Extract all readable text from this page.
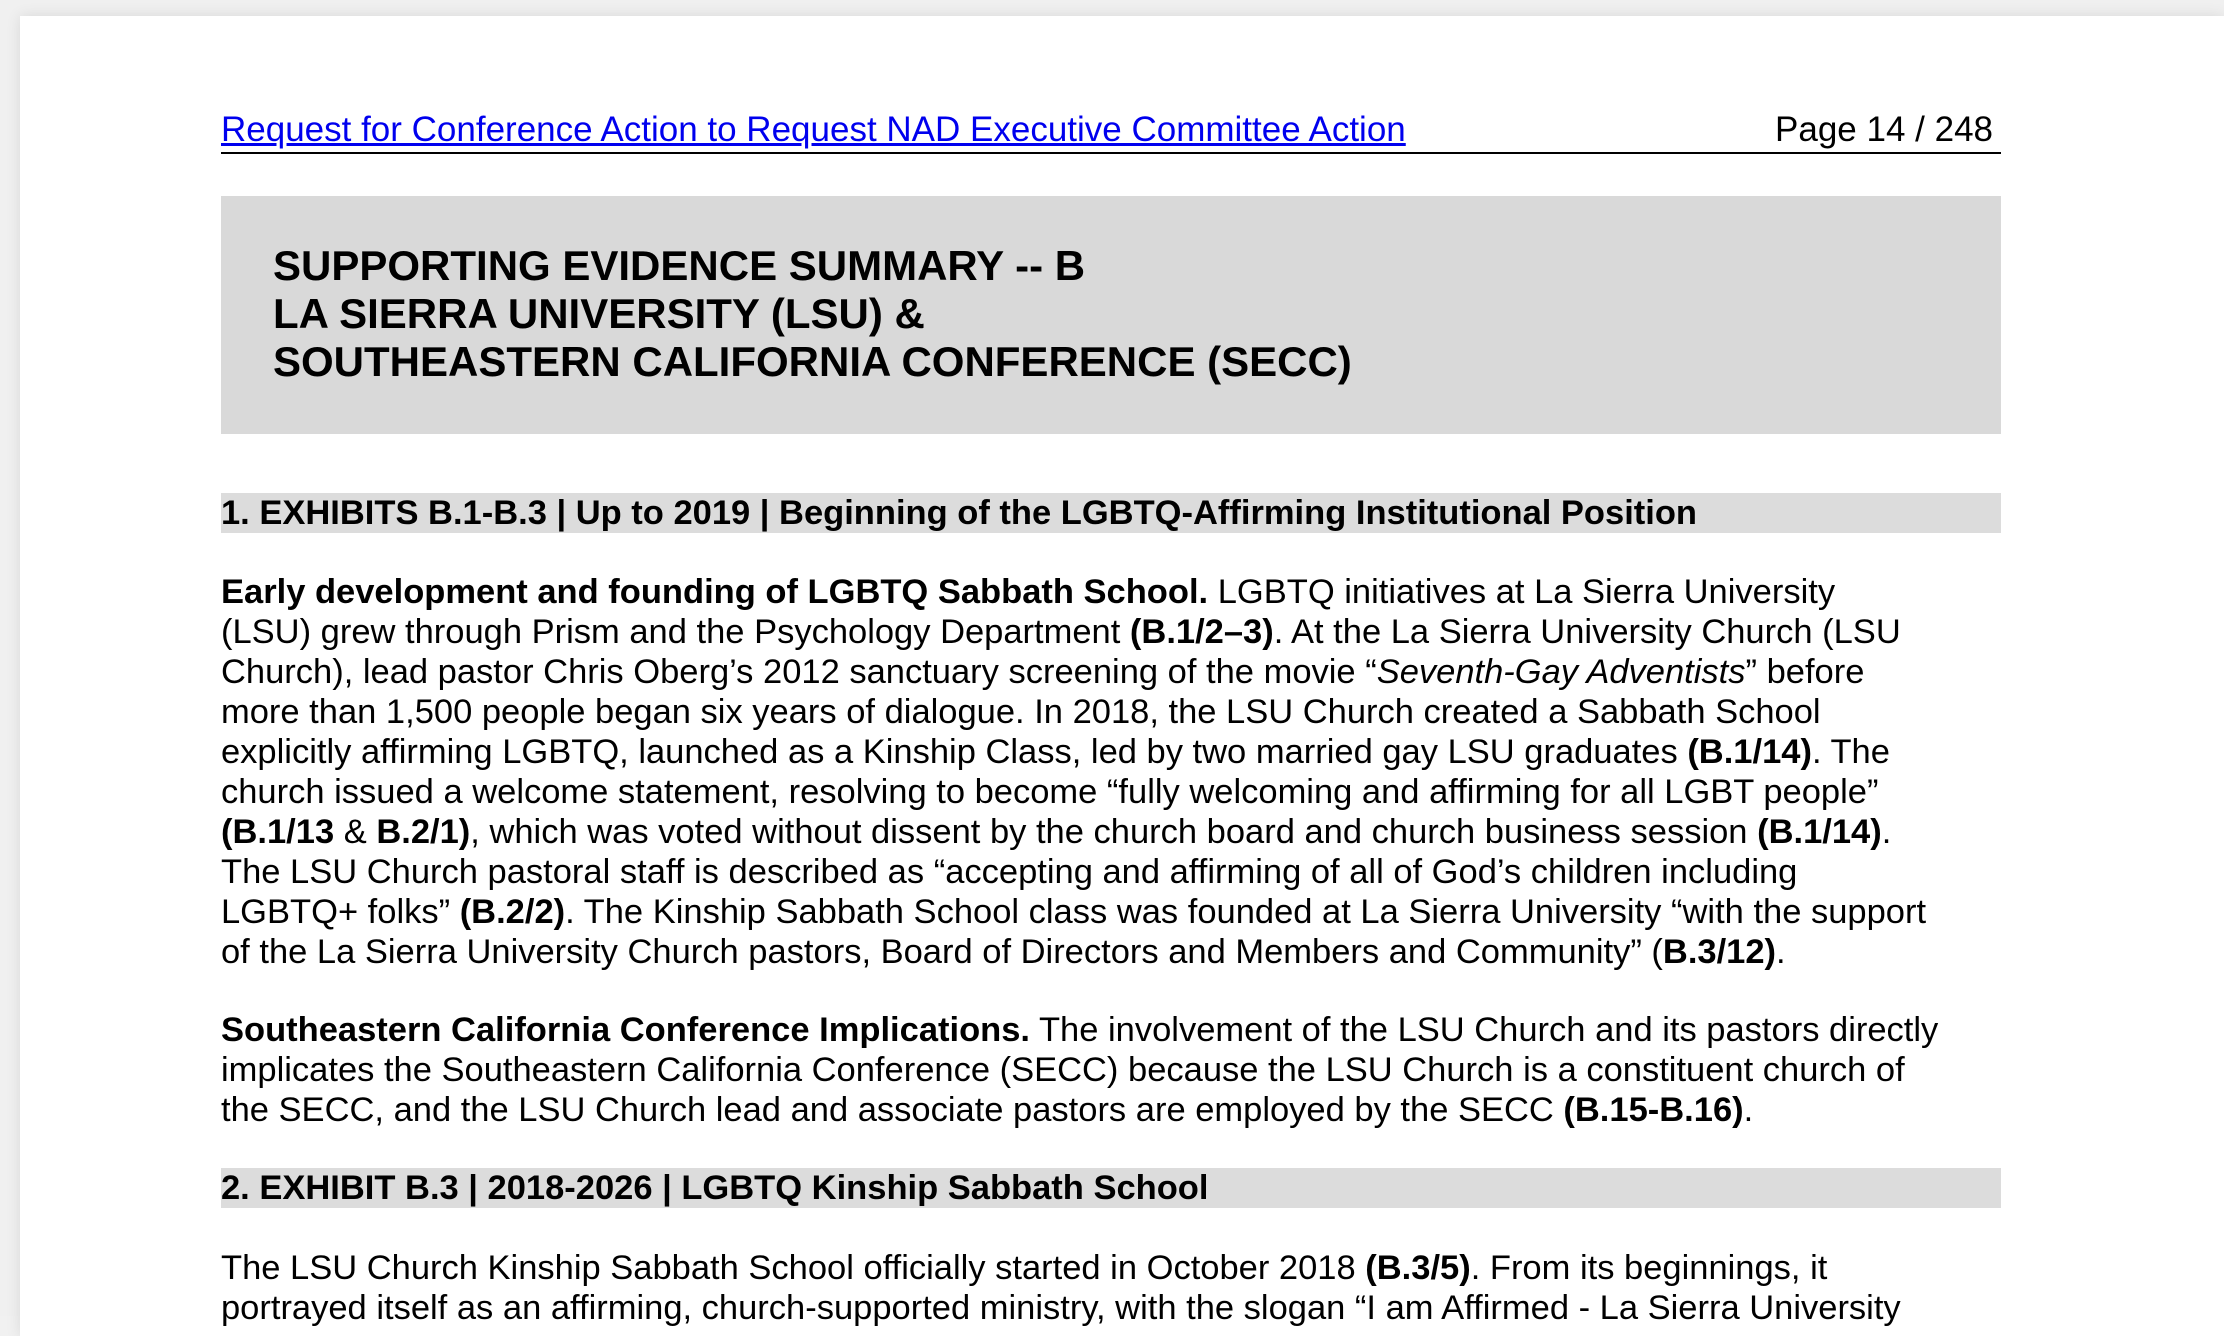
Request for Conference Action to Request NAD Executive Committee Action	Page 14 / 248
SUPPORTING EVIDENCE SUMMARY -- B
LA SIERRA UNIVERSITY (LSU) &
SOUTHEASTERN CALIFORNIA CONFERENCE (SECC)
1. EXHIBITS B.1-B.3 | Up to 2019 | Beginning of the LGBTQ-Affirming Institutional Position
Early development and founding of LGBTQ Sabbath School. LGBTQ initiatives at La Sierra University
(LSU) grew through Prism and the Psychology Department (B.1/2–3). At the La Sierra University Church (LSU
Church), lead pastor Chris Oberg’s 2012 sanctuary screening of the movie “Seventh-Gay Adventists” before
more than 1,500 people began six years of dialogue. In 2018, the LSU Church created a Sabbath School
explicitly affirming LGBTQ, launched as a Kinship Class, led by two married gay LSU graduates (B.1/14). The
church issued a welcome statement, resolving to become “fully welcoming and affirming for all LGBT people”
(B.1/13 & B.2/1), which was voted without dissent by the church board and church business session (B.1/14).
The LSU Church pastoral staff is described as “accepting and affirming of all of God’s children including
LGBTQ+ folks” (B.2/2). The Kinship Sabbath School class was founded at La Sierra University “with the support
of the La Sierra University Church pastors, Board of Directors and Members and Community” (B.3/12).
Southeastern California Conference Implications. The involvement of the LSU Church and its pastors directly
implicates the Southeastern California Conference (SECC) because the LSU Church is a constituent church of
the SECC, and the LSU Church lead and associate pastors are employed by the SECC (B.15-B.16).
2. EXHIBIT B.3 | 2018-2026 | LGBTQ Kinship Sabbath School
The LSU Church Kinship Sabbath School officially started in October 2018 (B.3/5). From its beginnings, it
portrayed itself as an affirming, church-supported ministry, with the slogan “I am Affirmed - La Sierra University
